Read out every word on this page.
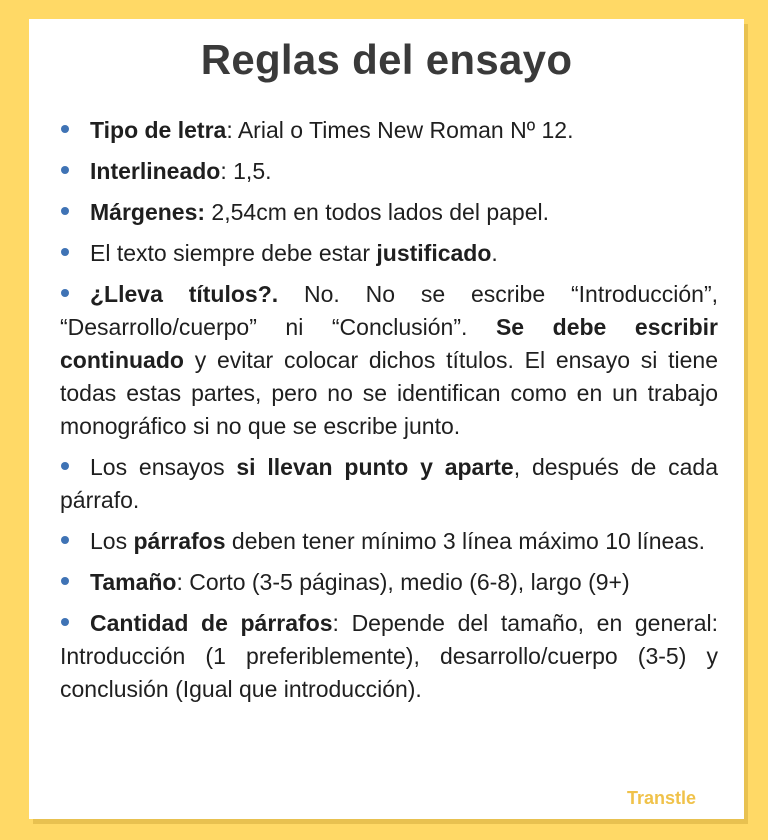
Reglas del ensayo
Tipo de letra: Arial o Times New Roman Nº 12.
Interlineado: 1,5.
Márgenes: 2,54cm en todos lados del papel.
El texto siempre debe estar justificado.
¿Lleva títulos?. No. No se escribe “Introducción”, “Desarrollo/cuerpo” ni “Conclusión”. Se debe escribir continuado y evitar colocar dichos títulos. El ensayo si tiene todas estas partes, pero no se identifican como en un trabajo monográfico si no que se escribe junto.
Los ensayos si llevan punto y aparte, después de cada párrafo.
Los párrafos deben tener mínimo 3 línea máximo 10 líneas.
Tamaño: Corto (3-5 páginas), medio (6-8), largo (9+)
Cantidad de párrafos: Depende del tamaño, en general: Introducción (1 preferiblemente), desarrollo/cuerpo (3-5) y conclusión (Igual que introducción).
Transtle
